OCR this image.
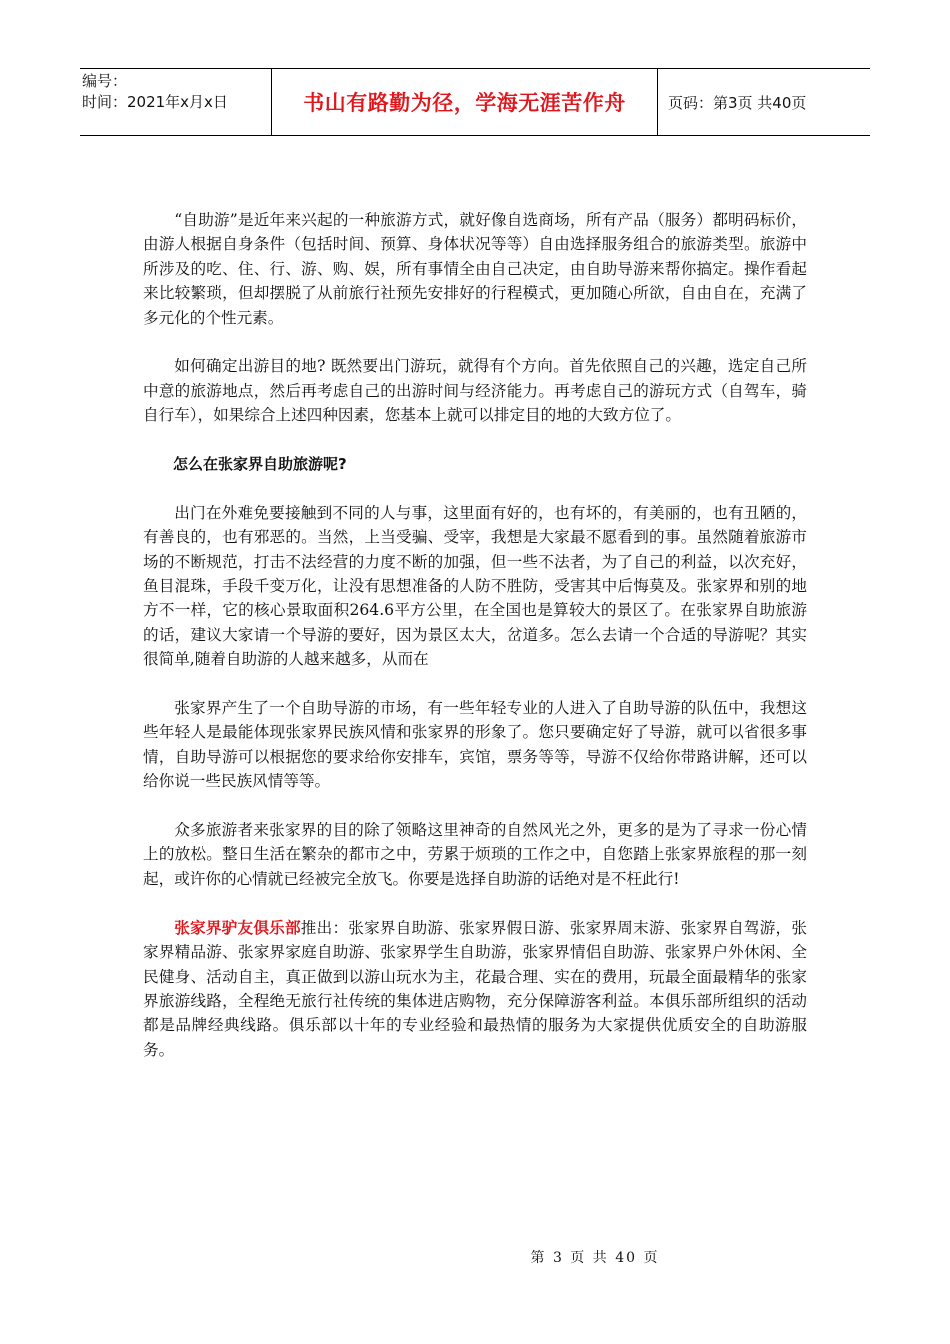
编号：
时间：2021年x月x日	书山有路勤为径，学海无涯苦作舟	页码：第3页 共40页

“自助游”是近年来兴起的一种旅游方式，就好像自选商场，所有产品（服务）都明码标价，由游人根据自身条件（包括时间、预算、身体状况等等）自由选择服务组合的旅游类型。旅游中所涉及的吃、住、行、游、购、娱，所有事情全由自己决定，由自助导游来帮你搞定。操作看起来比较繁琐，但却摆脱了从前旅行社预先安排好的行程模式，更加随心所欲，自由自在，充满了多元化的个性元素。

如何确定出游目的地? 既然要出门游玩，就得有个方向。首先依照自己的兴趣，选定自己所中意的旅游地点，然后再考虑自己的出游时间与经济能力。再考虑自己的游玩方式（自驾车，骑自行车），如果综合上述四种因素，您基本上就可以排定目的地的大致方位了。

怎么在张家界自助旅游呢?

出门在外难免要接触到不同的人与事，这里面有好的，也有坏的，有美丽的，也有丑陋的，有善良的，也有邪恶的。当然，上当受骗、受宰，我想是大家最不愿看到的事。虽然随着旅游市场的不断规范，打击不法经营的力度不断的加强，但一些不法者，为了自己的利益，以次充好，鱼目混珠，手段千变万化，让没有思想准备的人防不胜防，受害其中后悔莫及。张家界和别的地方不一样，它的核心景取面积264.6平方公里，在全国也是算较大的景区了。在张家界自助旅游的话，建议大家请一个导游的要好，因为景区太大，岔道多。怎么去请一个合适的导游呢？其实很简单,随着自助游的人越来越多，从而在

张家界产生了一个自助导游的市场，有一些年轻专业的人进入了自助导游的队伍中，我想这些年轻人是最能体现张家界民族风情和张家界的形象了。您只要确定好了导游，就可以省很多事情，自助导游可以根据您的要求给你安排车，宾馆，票务等等，导游不仅给你带路讲解，还可以给你说一些民族风情等等。

众多旅游者来张家界的目的除了领略这里神奇的自然风光之外，更多的是为了寻求一份心情上的放松。整日生活在繁杂的都市之中，劳累于烦琐的工作之中，自您踏上张家界旅程的那一刻起，或许你的心情就已经被完全放飞。你要是选择自助游的话绝对是不枉此行!

张家界驴友俱乐部推出：张家界自助游、张家界假日游、张家界周末游、张家界自驾游，张家界精品游、张家界家庭自助游、张家界学生自助游，张家界情侣自助游、张家界户外休闲、全民健身、活动自主，真正做到以游山玩水为主，花最合理、实在的费用，玩最全面最精华的张家界旅游线路，全程绝无旅行社传统的集体进店购物，充分保障游客利益。本俱乐部所组织的活动都是品牌经典线路。俱乐部以十年的专业经验和最热情的服务为大家提供优质安全的自助游服务。

第 3 页 共 40 页
